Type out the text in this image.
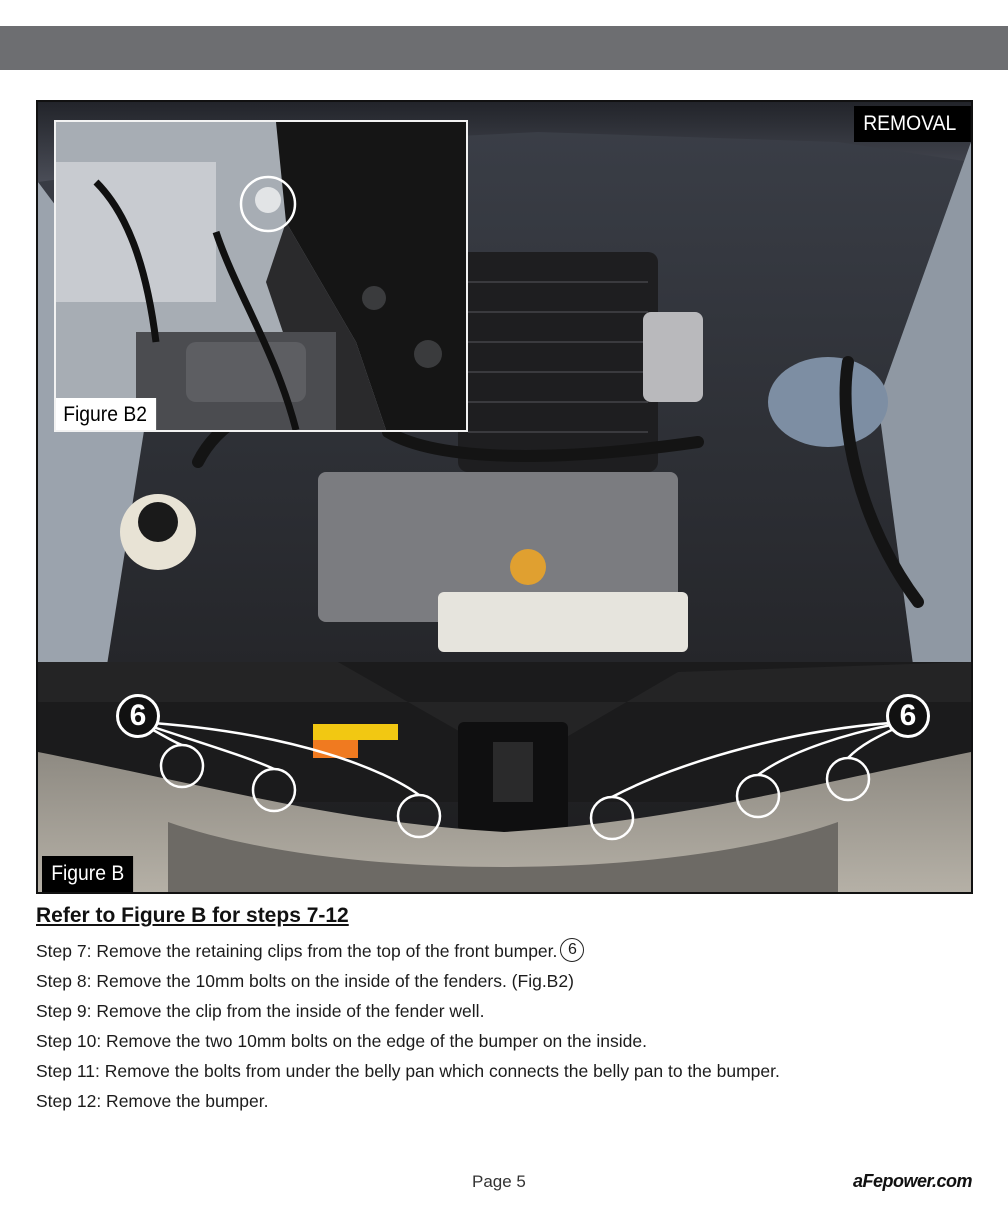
6	6
REMOVAL
Figure B2
Figure B
Refer to Figure B for steps 7-12
Step 7: Remove the retaining clips from the top of the front bumper. 6
Step 8: Remove the 10mm bolts on the inside of the fenders. (Fig.B2)
Step 9: Remove the clip from the inside of the fender well.
Step 10: Remove the two 10mm bolts on the edge of the bumper on the inside.
Step 11: Remove the bolts from under the belly pan which connects the belly pan to the bumper.
Step 12: Remove the bumper.
Page 5	aFepower.com
